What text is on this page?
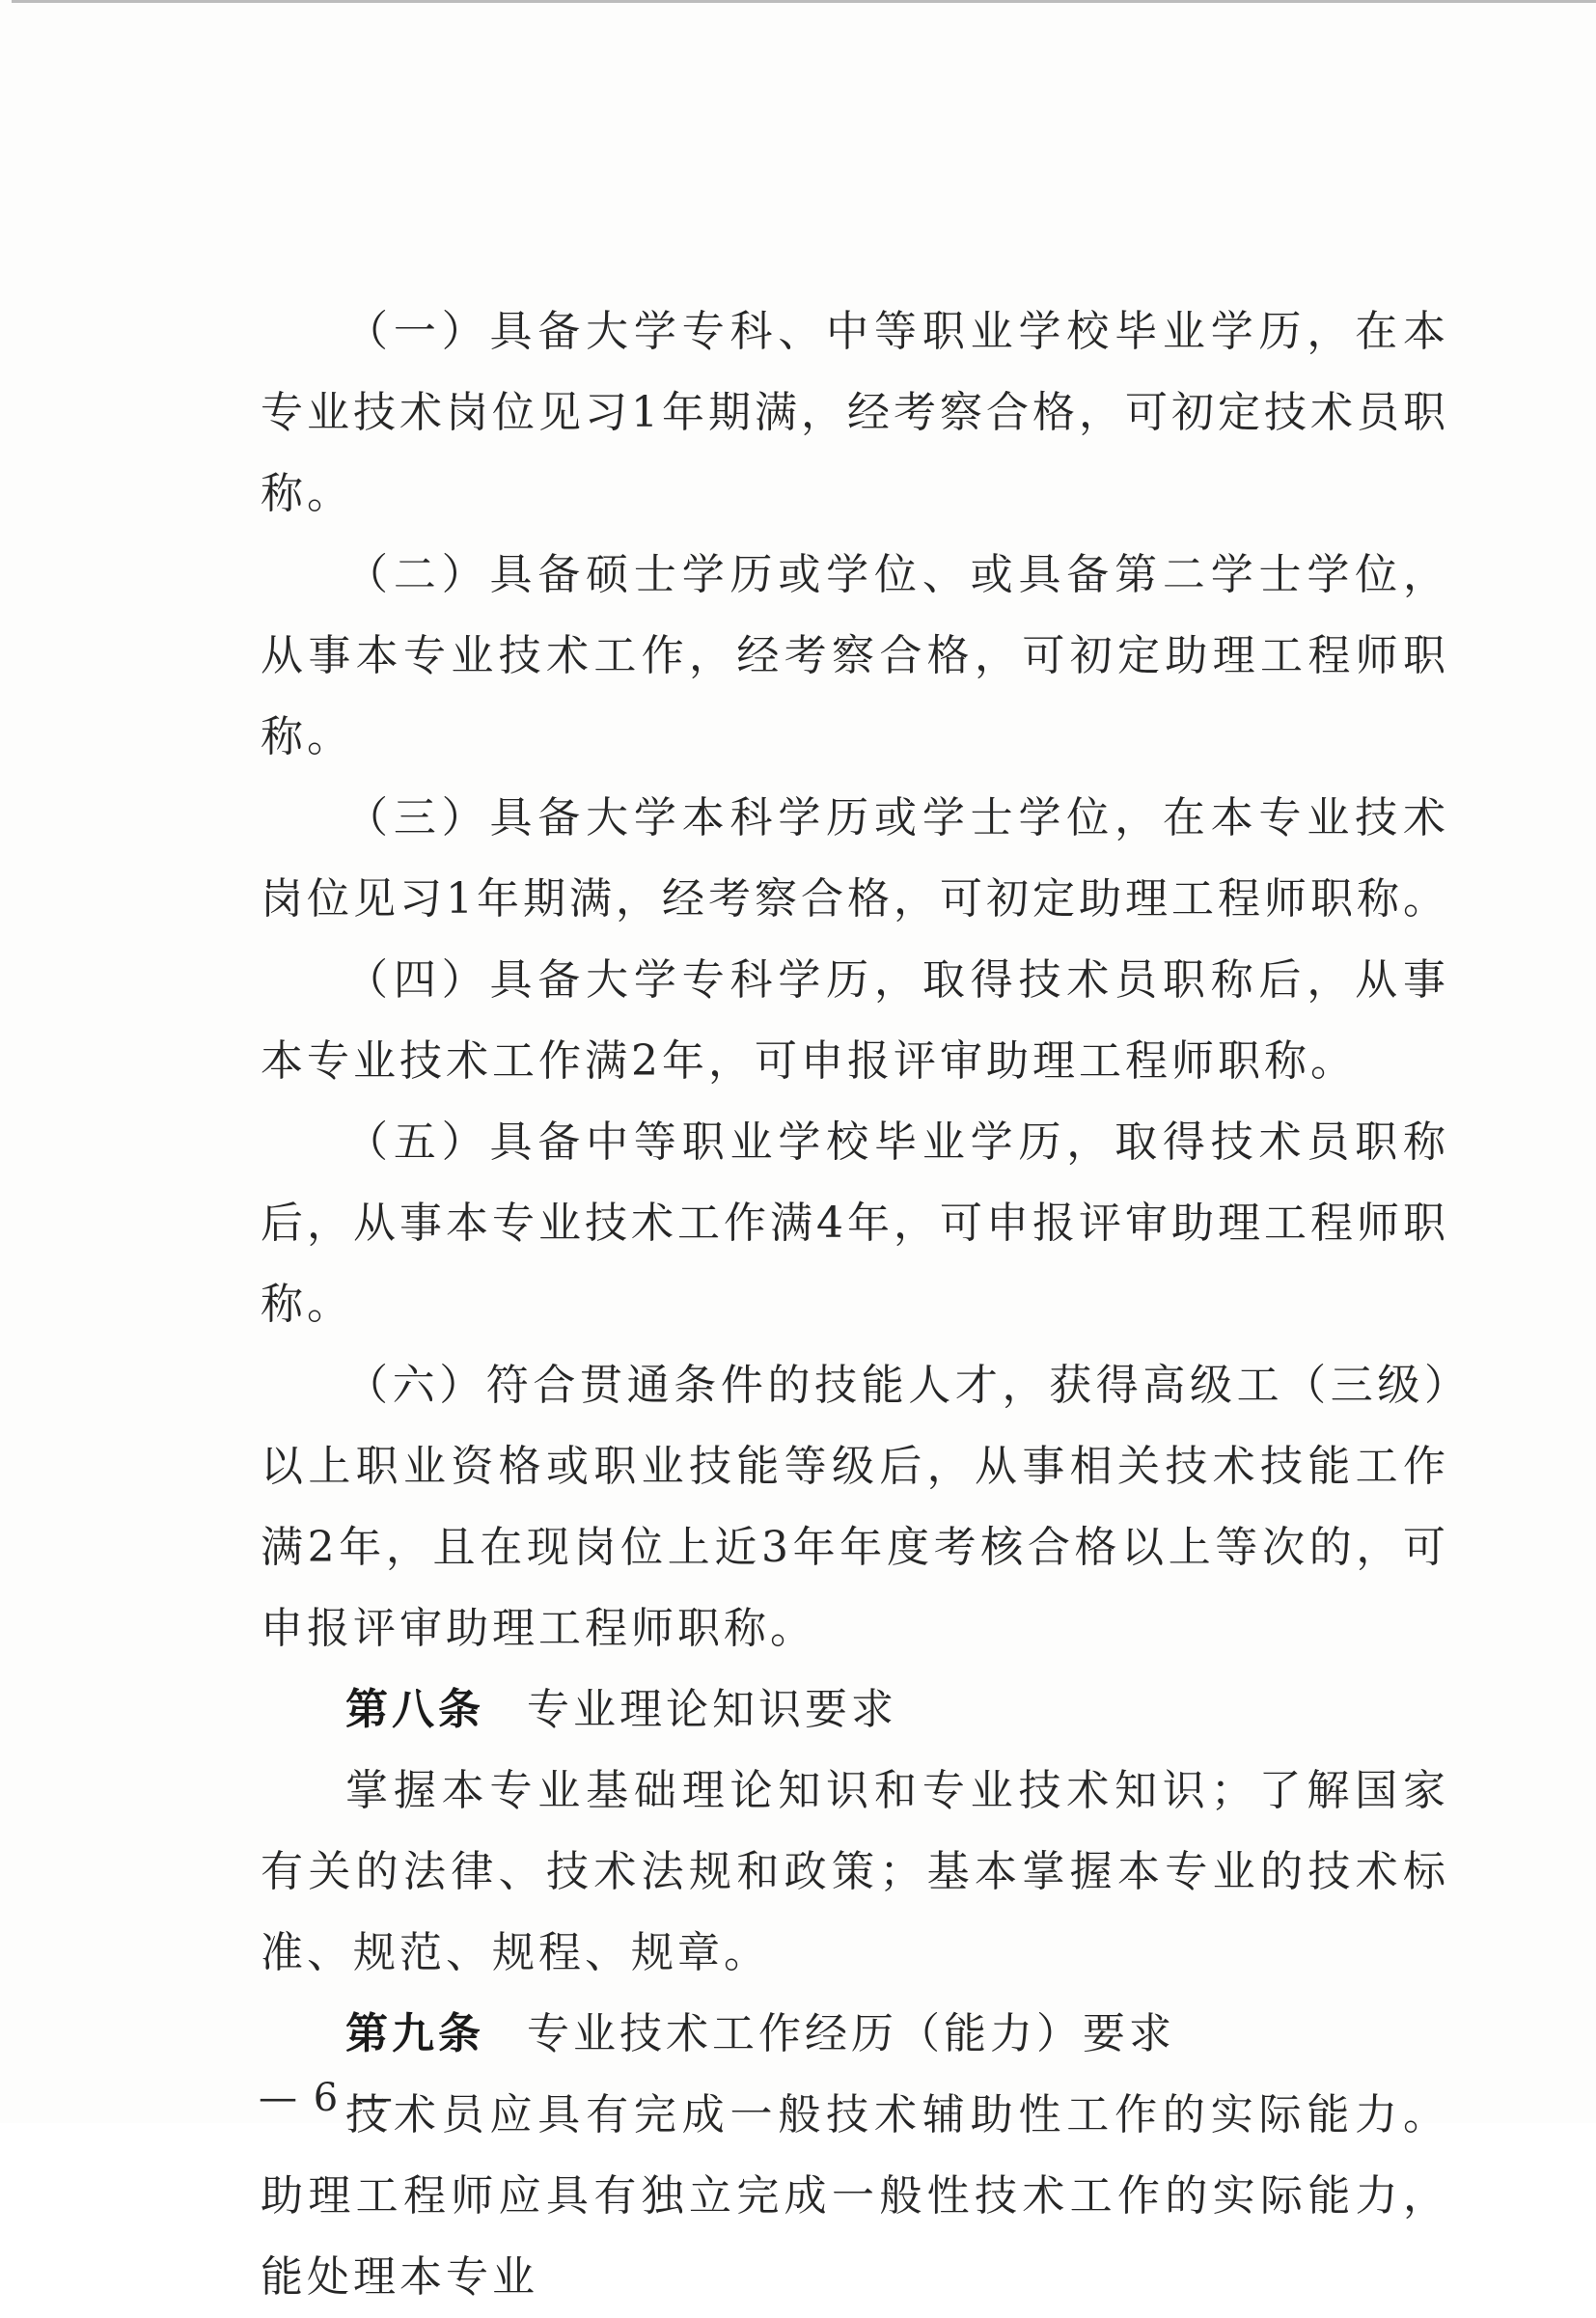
（一）具备大学专科、中等职业学校毕业学历，在本专业技术岗位见习1年期满，经考察合格，可初定技术员职称。

（二）具备硕士学历或学位、或具备第二学士学位，从事本专业技术工作，经考察合格，可初定助理工程师职称。

（三）具备大学本科学历或学士学位，在本专业技术岗位见习1年期满，经考察合格，可初定助理工程师职称。

（四）具备大学专科学历，取得技术员职称后，从事本专业技术工作满2年，可申报评审助理工程师职称。

（五）具备中等职业学校毕业学历，取得技术员职称后，从事本专业技术工作满4年，可申报评审助理工程师职称。

（六）符合贯通条件的技能人才，获得高级工（三级）以上职业资格或职业技能等级后，从事相关技术技能工作满2年，且在现岗位上近3年年度考核合格以上等次的，可申报评审助理工程师职称。

第八条 专业理论知识要求

掌握本专业基础理论知识和专业技术知识；了解国家有关的法律、技术法规和政策；基本掌握本专业的技术标准、规范、规程、规章。

第九条 专业技术工作经历（能力）要求

技术员应具有完成一般技术辅助性工作的实际能力。助理工程师应具有独立完成一般性技术工作的实际能力，能处理本专业

— 6 —
